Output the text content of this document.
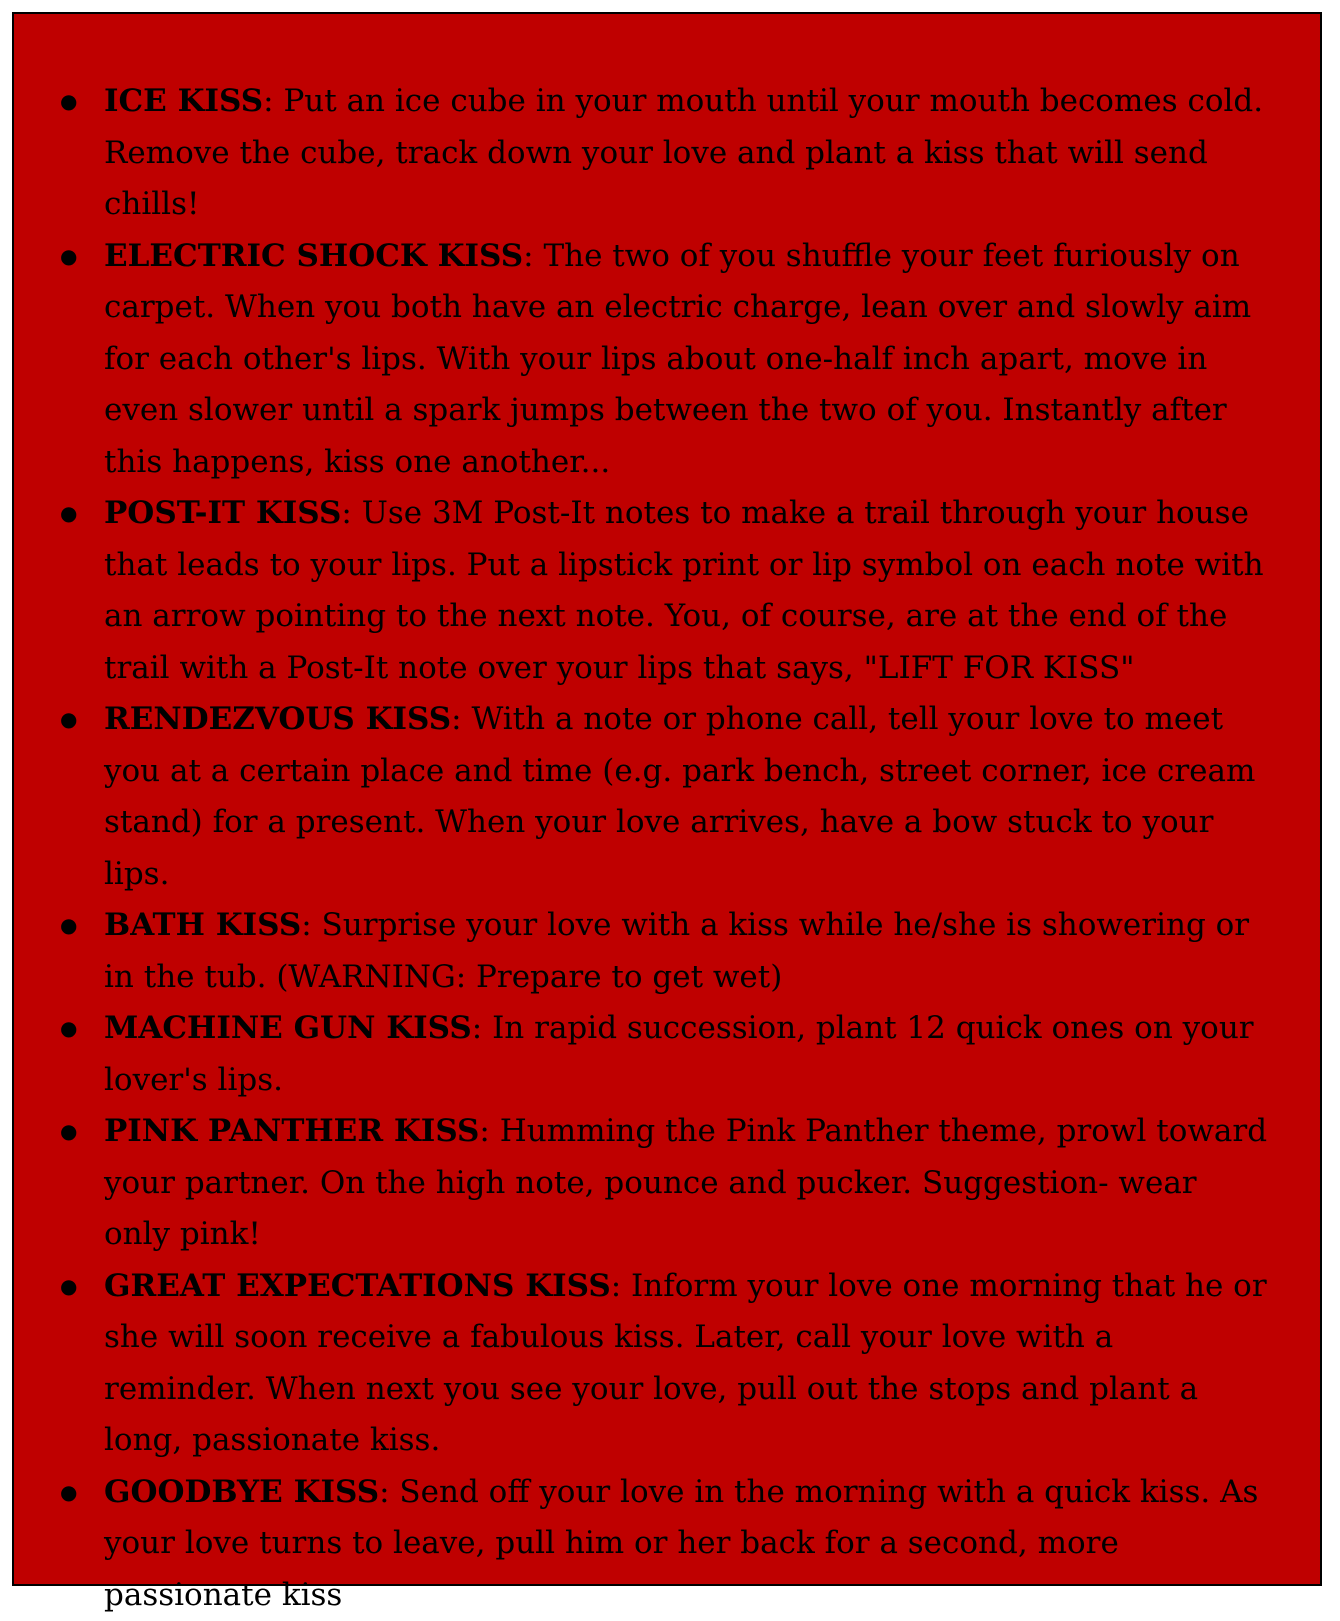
● ICE KISS: Put an ice cube in your mouth until your mouth becomes cold. Remove the cube, track down your love and plant a kiss that will send chills!
● ELECTRIC SHOCK KISS: The two of you shuffle your feet furiously on carpet. When you both have an electric charge, lean over and slowly aim for each other's lips. With your lips about one-half inch apart, move in even slower until a spark jumps between the two of you. Instantly after this happens, kiss one another...
● POST-IT KISS: Use 3M Post-It notes to make a trail through your house that leads to your lips. Put a lipstick print or lip symbol on each note with an arrow pointing to the next note. You, of course, are at the end of the trail with a Post-It note over your lips that says, "LIFT FOR KISS"
● RENDEZVOUS KISS: With a note or phone call, tell your love to meet you at a certain place and time (e.g. park bench, street corner, ice cream stand) for a present. When your love arrives, have a bow stuck to your lips.
● BATH KISS: Surprise your love with a kiss while he/she is showering or in the tub. (WARNING: Prepare to get wet)
● MACHINE GUN KISS: In rapid succession, plant 12 quick ones on your lover's lips.
● PINK PANTHER KISS: Humming the Pink Panther theme, prowl toward your partner. On the high note, pounce and pucker. Suggestion- wear only pink!
● GREAT EXPECTATIONS KISS: Inform your love one morning that he or she will soon receive a fabulous kiss. Later, call your love with a reminder. When next you see your love, pull out the stops and plant a long, passionate kiss.
● GOODBYE KISS: Send off your love in the morning with a quick kiss. As your love turns to leave, pull him or her back for a second, more passionate kiss
